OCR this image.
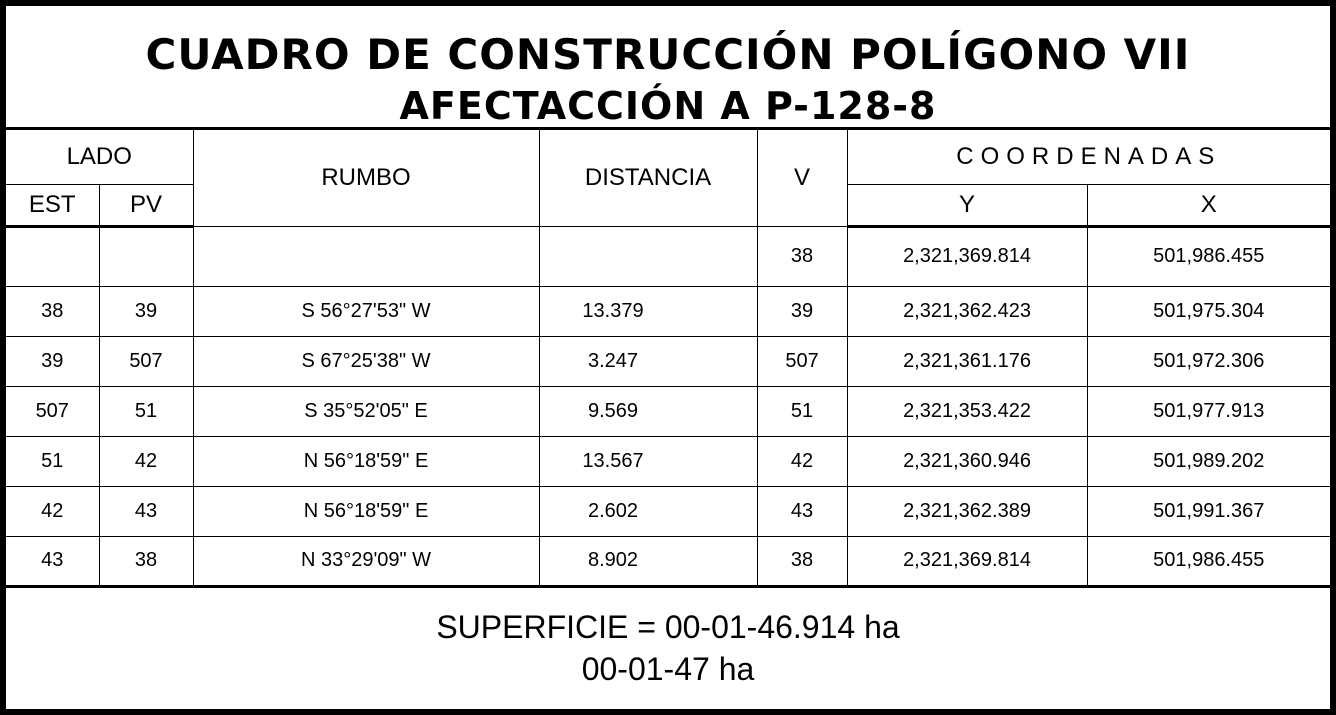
CUADRO DE CONSTRUCCIÓN POLÍGONO VII
AFECTACCIÓN A P-128-8
LADO		RUMBO	DISTANCIA	V	COORDENADAS	
EST	PV				Y	X
				38	2,321,369.814	501,986.455
38	39	S 56°27'53" W	13.379	39	2,321,362.423	501,975.304
39	507	S 67°25'38" W	3.247	507	2,321,361.176	501,972.306
507	51	S 35°52'05" E	9.569	51	2,321,353.422	501,977.913
51	42	N 56°18'59" E	13.567	42	2,321,360.946	501,989.202
42	43	N 56°18'59" E	2.602	43	2,321,362.389	501,991.367
43	38	N 33°29'09" W	8.902	38	2,321,369.814	501,986.455
SUPERFICIE = 00-01-46.914 ha
00-01-47 ha
